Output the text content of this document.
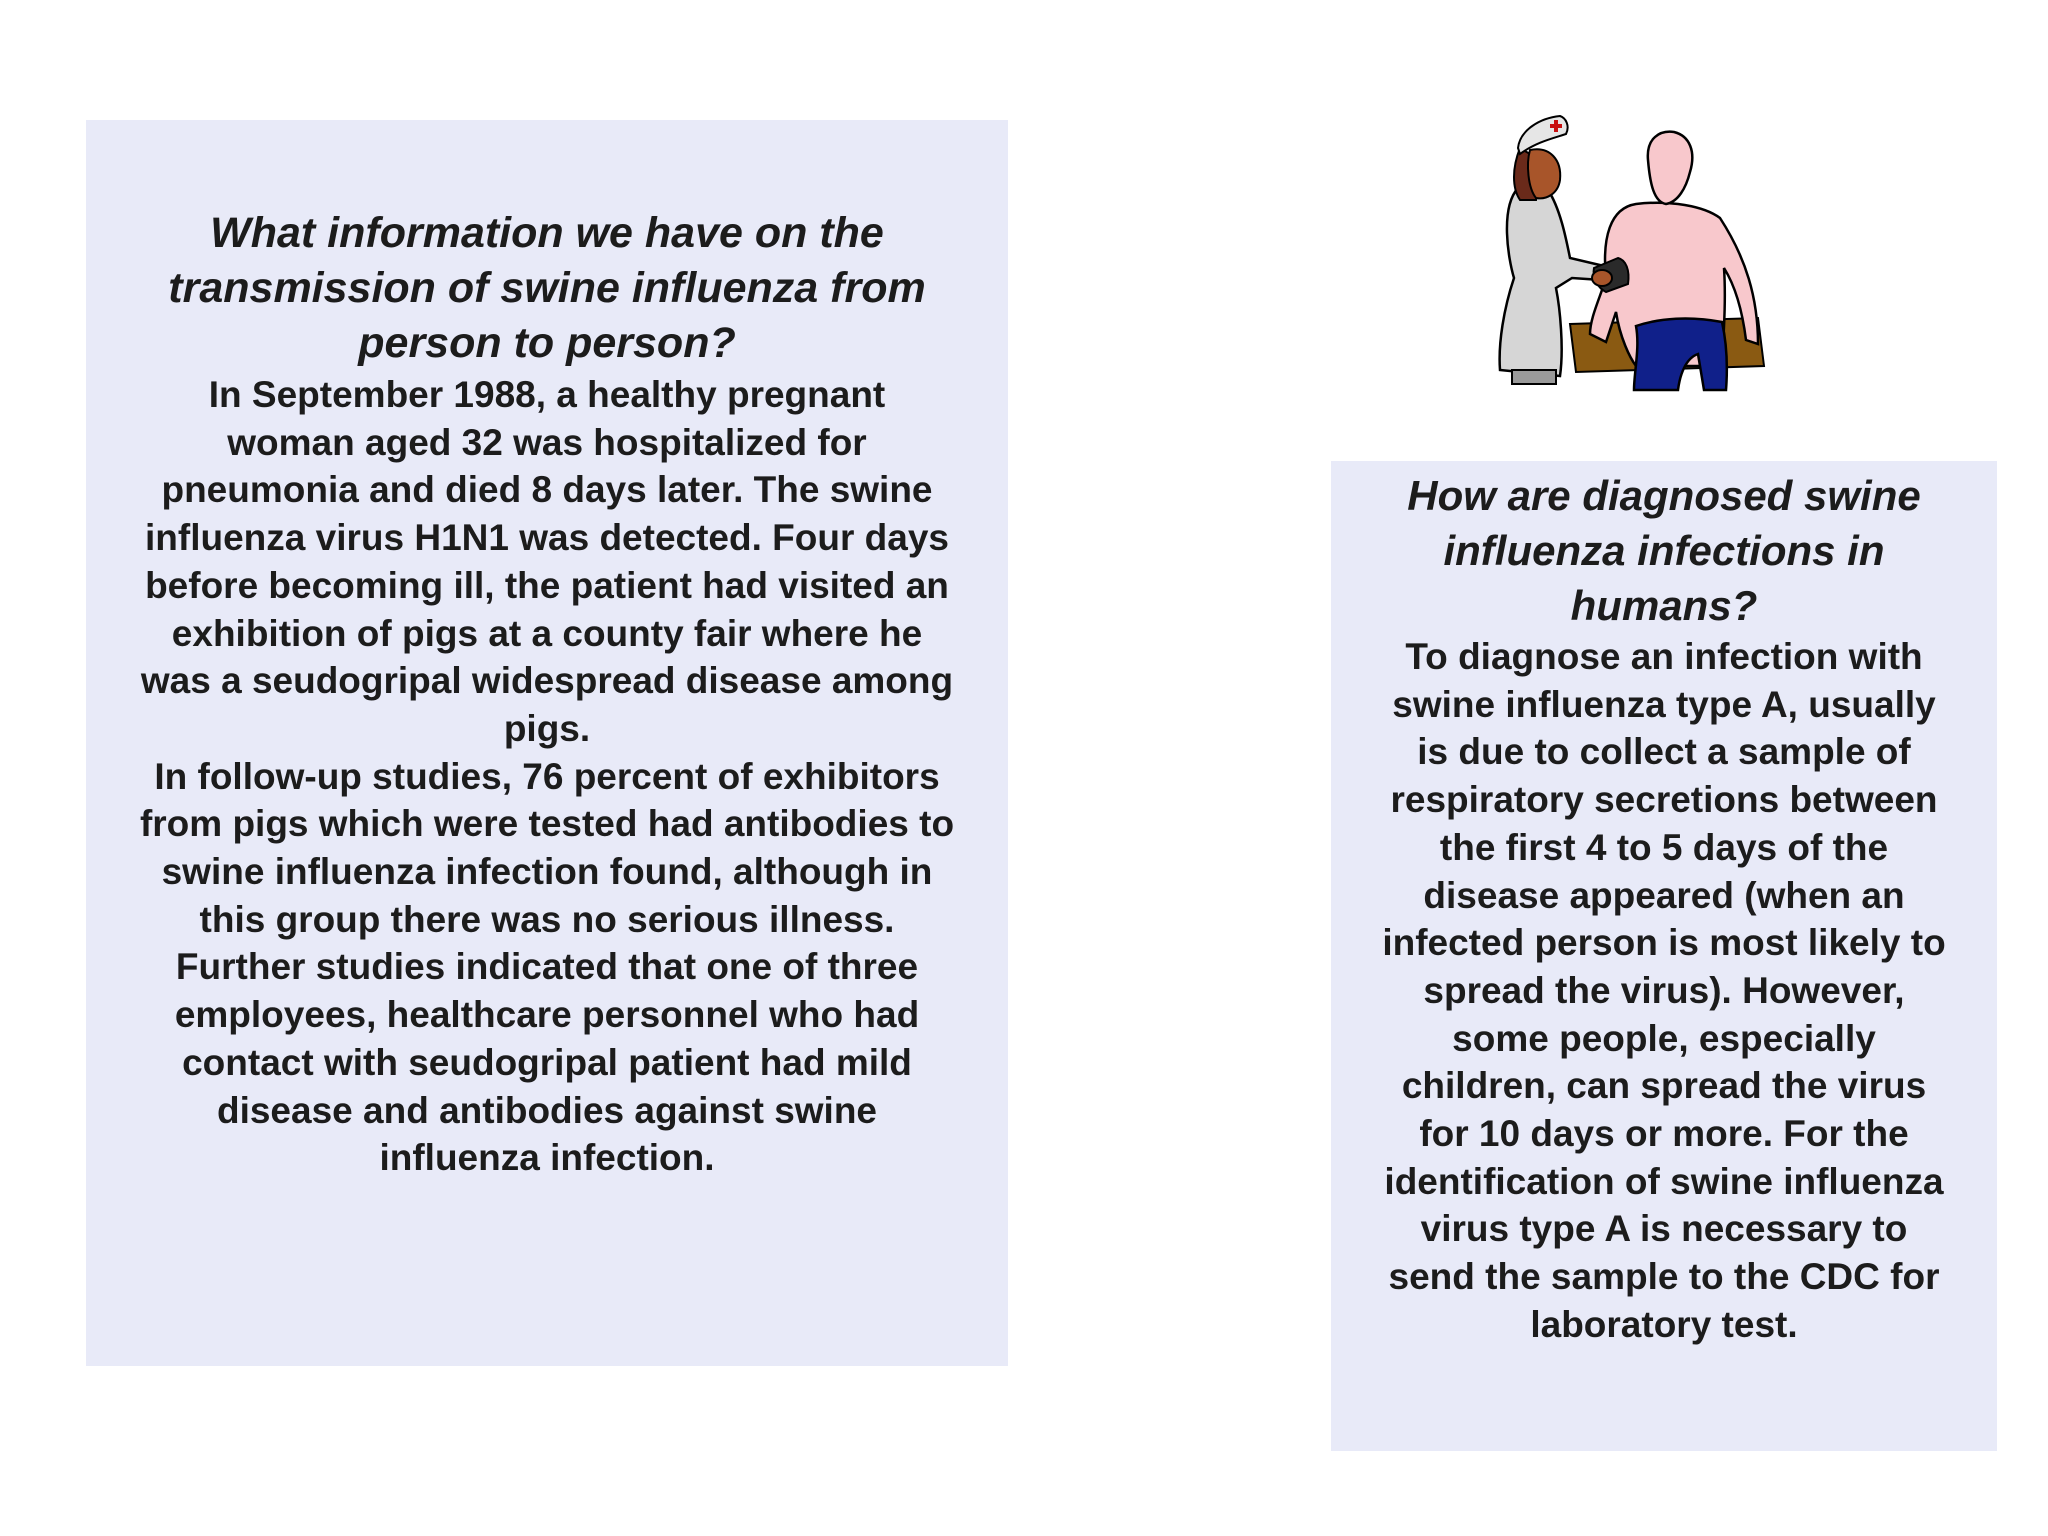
What information we have on the
transmission of swine influenza from
person to person?

In September 1988, a healthy pregnant
woman aged 32 was hospitalized for
pneumonia and died 8 days later. The swine
influenza virus H1N1 was detected. Four days
before becoming ill, the patient had visited an
exhibition of pigs at a county fair where he
was a seudogripal widespread disease among
pigs.

In follow-up studies, 76 percent of exhibitors
from pigs which were tested had antibodies to
swine influenza infection found, although in
this group there was no serious illness.
Further studies indicated that one of three
employees, healthcare personnel who had
contact with seudogripal patient had mild
disease and antibodies against swine
influenza infection.

How are diagnosed swine
influenza infections in
humans?

To diagnose an infection with
swine influenza type A, usually
is due to collect a sample of
respiratory secretions between
the first 4 to 5 days of the
disease appeared (when an
infected person is most likely to
spread the virus). However,
some people, especially
children, can spread the virus
for 10 days or more. For the
identification of swine influenza
virus type A is necessary to
send the sample to the CDC for
laboratory test.
